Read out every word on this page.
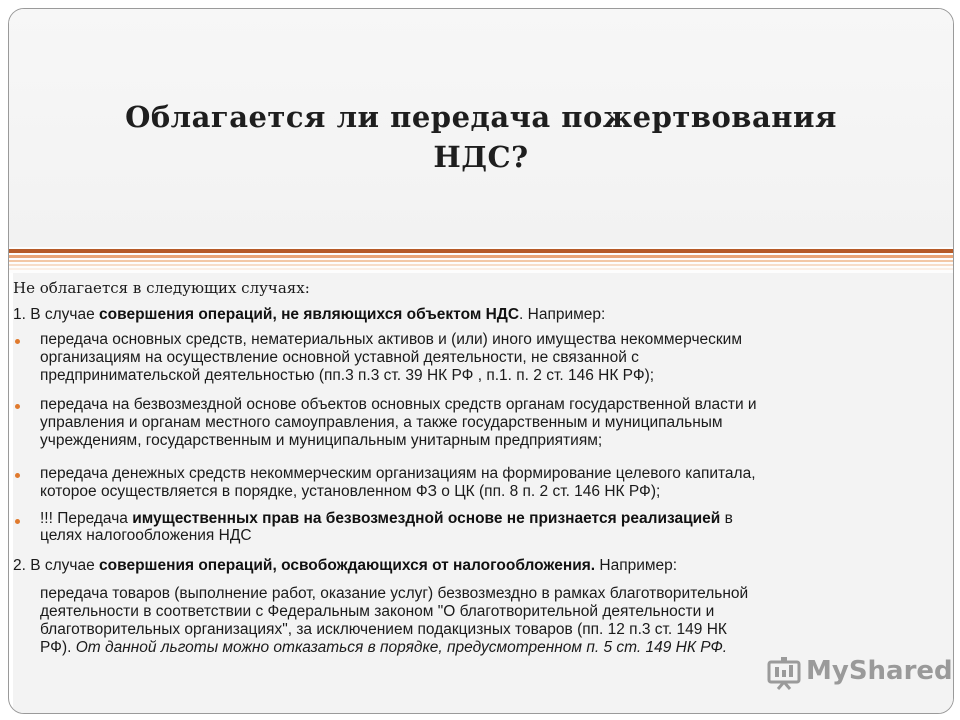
Облагается ли передача пожертвования
НДС?
Не облагается в следующих случаях:
1. В случае совершения операций, не являющихся объектом НДС. Например:
передача основных средств, нематериальных активов и (или) иного имущества некоммерческим
организациям на осуществление основной уставной деятельности, не связанной с
предпринимательской деятельностью (пп.3 п.3 ст. 39 НК РФ , п.1. п. 2 ст. 146 НК РФ);
передача на безвозмездной основе объектов основных средств органам государственной власти и
управления и органам местного самоуправления, а также государственным и муниципальным
учреждениям, государственным и муниципальным унитарным предприятиям;
передача денежных средств некоммерческим организациям на формирование целевого капитала,
которое осуществляется в порядке, установленном ФЗ о ЦК (пп. 8 п. 2 ст. 146 НК РФ);
!!! Передача имущественных прав на безвозмездной основе не признается реализацией в
целях налогообложения НДС
2. В случае совершения операций, освобождающихся от налогообложения. Например:
передача товаров (выполнение работ, оказание услуг) безвозмездно в рамках благотворительной
деятельности в соответствии с Федеральным законом "О благотворительной деятельности и
благотворительных организациях", за исключением подакцизных товаров (пп. 12 п.3 ст. 149 НК
РФ). От данной льготы можно отказаться в порядке, предусмотренном п. 5 ст. 149 НК РФ.
MyShared
